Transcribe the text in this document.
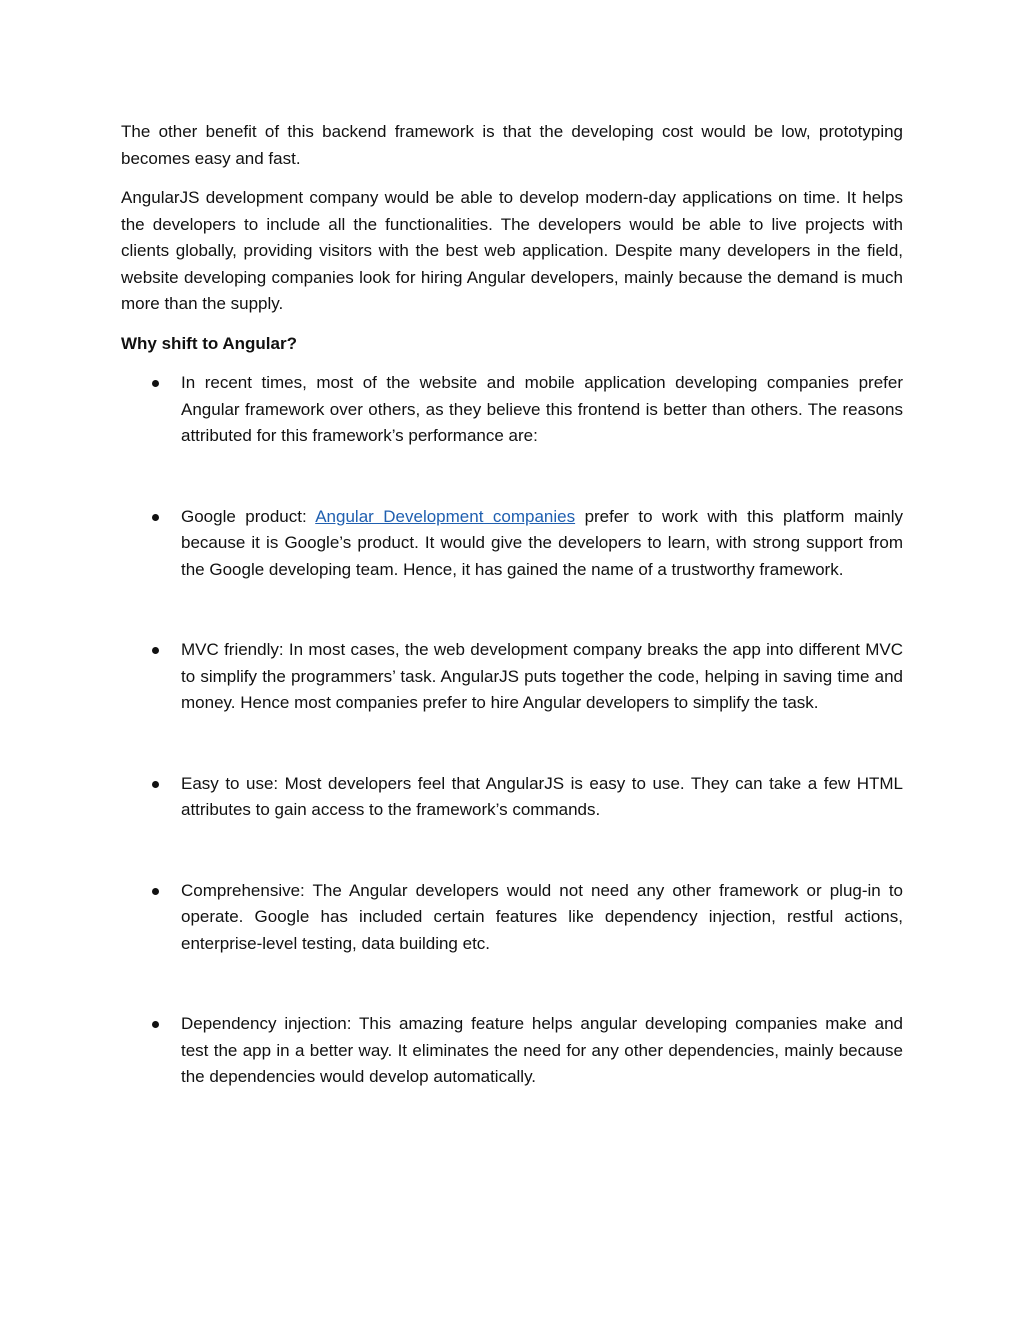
The other benefit of this backend framework is that the developing cost would be low, prototyping becomes easy and fast.

AngularJS development company would be able to develop modern-day applications on time. It helps the developers to include all the functionalities. The developers would be able to live projects with clients globally, providing visitors with the best web application. Despite many developers in the field, website developing companies look for hiring Angular developers, mainly because the demand is much more than the supply.

Why shift to Angular?

In recent times, most of the website and mobile application developing companies prefer Angular framework over others, as they believe this frontend is better than others. The reasons attributed for this framework’s performance are:
Google product: Angular Development companies prefer to work with this platform mainly because it is Google’s product. It would give the developers to learn, with strong support from the Google developing team. Hence, it has gained the name of a trustworthy framework.
MVC friendly: In most cases, the web development company breaks the app into different MVC to simplify the programmers’ task. AngularJS puts together the code, helping in saving time and money. Hence most companies prefer to hire Angular developers to simplify the task.
Easy to use: Most developers feel that AngularJS is easy to use. They can take a few HTML attributes to gain access to the framework’s commands.
Comprehensive: The Angular developers would not need any other framework or plug-in to operate. Google has included certain features like dependency injection, restful actions, enterprise-level testing, data building etc.
Dependency injection: This amazing feature helps angular developing companies make and test the app in a better way. It eliminates the need for any other dependencies, mainly because the dependencies would develop automatically.
